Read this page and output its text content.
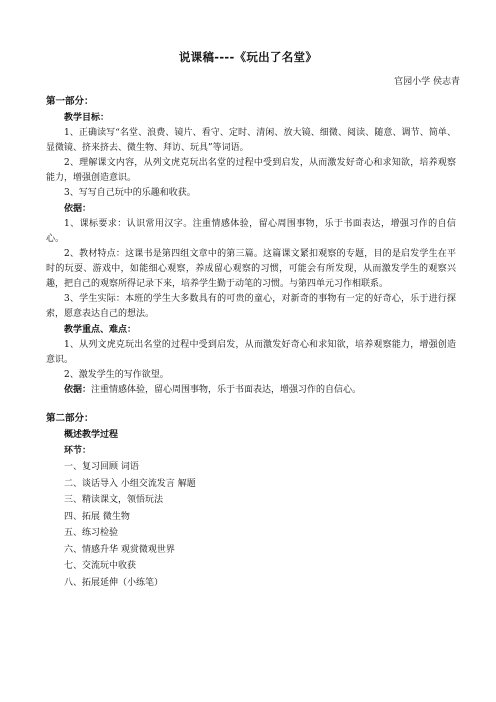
说课稿----《玩出了名堂》
官园小学 侯志青
第一部分：
教学目标：
1、正确读写“名堂、浪费、镜片、看守、定时、清闲、放大镜、细微、阅读、随意、调节、简单、显微镜、挤来挤去、微生物、拜访、玩具”等词语。
2、理解课文内容，从列文虎克玩出名堂的过程中受到启发，从而激发好奇心和求知欲，培养观察能力，增强创造意识。
3、写写自己玩中的乐趣和收获。
依据：
1、课标要求：认识常用汉字。注重情感体验，留心周围事物，乐于书面表达，增强习作的自信心。
2、教材特点：这课书是第四组文章中的第三篇。这篇课文紧扣观察的专题，目的是启发学生在平时的玩耍、游戏中，如能细心观察，养成留心观察的习惯，可能会有所发现，从而激发学生的观察兴趣，把自己的观察所得记录下来，培养学生勤于动笔的习惯。与第四单元习作相联系。
3、学生实际：本班的学生大多数具有的可贵的童心，对新奇的事物有一定的好奇心，乐于进行探索，愿意表达自己的想法。
教学重点、难点：
1、从列文虎克玩出名堂的过程中受到启发，从而激发好奇心和求知欲，培养观察能力，增强创造意识。
2、激发学生的写作欲望。
依据：注重情感体验，留心周围事物，乐于书面表达，增强习作的自信心。
第二部分：
概述教学过程
环节：
一、复习回顾 词语
二、谈话导入 小组交流发言 解题
三、精读课文，领悟玩法
四、拓展 微生物
五、练习检验
六、情感升华 观赏微观世界
七、交流玩中收获
八、拓展延伸（小练笔）
